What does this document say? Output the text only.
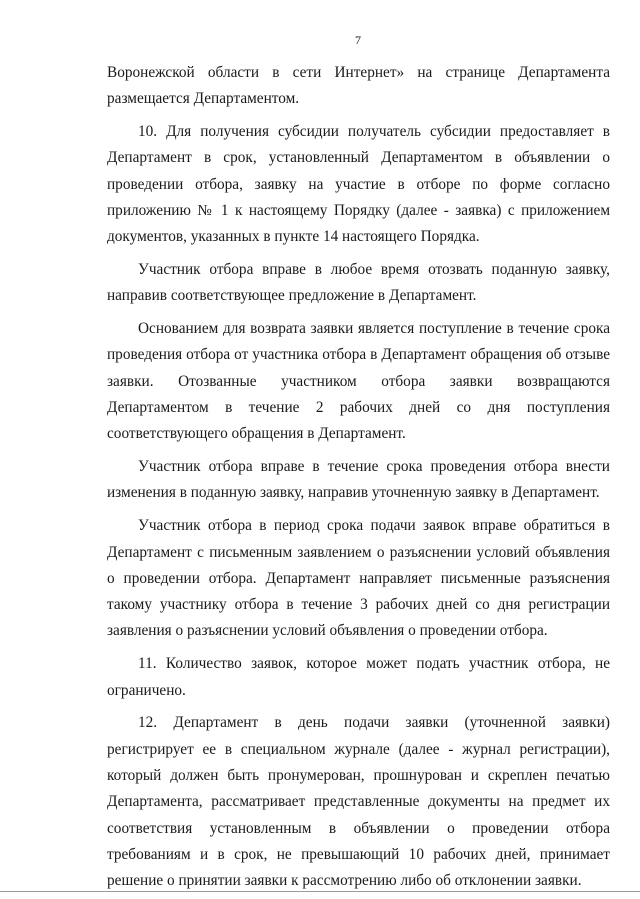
7

Воронежской области в сети Интернет» на странице Департамента размещается Департаментом.

10. Для получения субсидии получатель субсидии предоставляет в Департамент в срок, установленный Департаментом в объявлении о проведении отбора, заявку на участие в отборе по форме согласно приложению № 1 к настоящему Порядку (далее - заявка) с приложением документов, указанных в пункте 14 настоящего Порядка.

Участник отбора вправе в любое время отозвать поданную заявку, направив соответствующее предложение в Департамент.

Основанием для возврата заявки является поступление в течение срока проведения отбора от участника отбора в Департамент обращения об отзыве заявки. Отозванные участником отбора заявки возвращаются Департаментом в течение 2 рабочих дней со дня поступления соответствующего обращения в Департамент.

Участник отбора вправе в течение срока проведения отбора внести изменения в поданную заявку, направив уточненную заявку в Департамент.

Участник отбора в период срока подачи заявок вправе обратиться в Департамент с письменным заявлением о разъяснении условий объявления о проведении отбора. Департамент направляет письменные разъяснения такому участнику отбора в течение 3 рабочих дней со дня регистрации заявления о разъяснении условий объявления о проведении отбора.

11. Количество заявок, которое может подать участник отбора, не ограничено.

12. Департамент в день подачи заявки (уточненной заявки) регистрирует ее в специальном журнале (далее - журнал регистрации), который должен быть пронумерован, прошнурован и скреплен печатью Департамента, рассматривает представленные документы на предмет их соответствия установленным в объявлении о проведении отбора требованиям и в срок, не превышающий 10 рабочих дней, принимает решение о принятии заявки к рассмотрению либо об отклонении заявки.
